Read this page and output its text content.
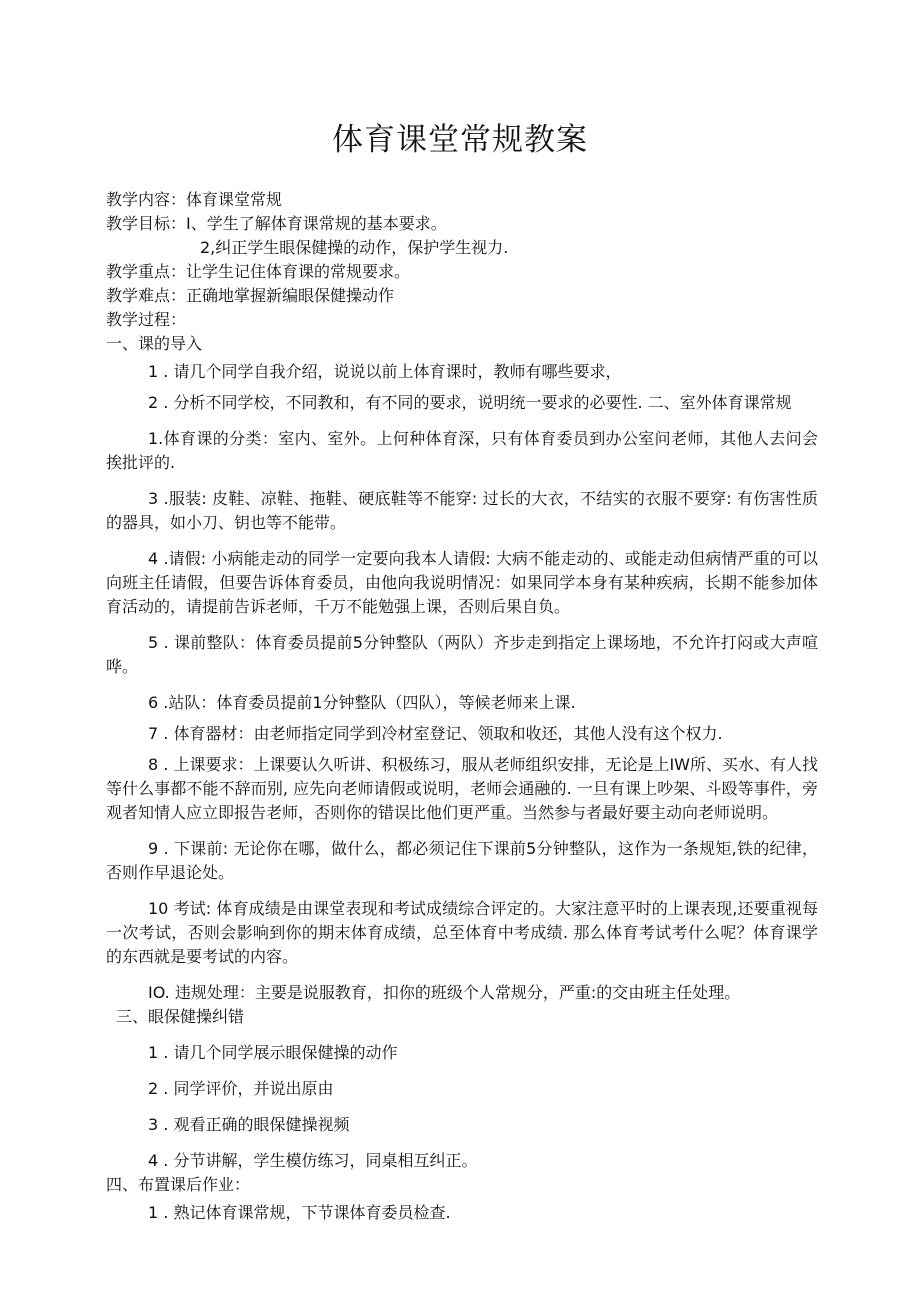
体育课堂常规教案

教学内容：体育课堂常规

教学目标：I、学生了解体育课常规的基本要求。

2,纠正学生眼保健操的动作，保护学生视力.

教学重点：让学生记住体育课的常规要求。

教学难点：正确地掌握新编眼保健操动作

教学过程：

一、课的导入

1 . 请几个同学自我介绍，说说以前上体育课时，教师有哪些要求，

2 . 分析不同学校，不同教和，有不同的要求，说明统一要求的必要性. 二、室外体育课常规

1.体育课的分类：室内、室外。上何种体育深，只有体育委员到办公室问老师，其他人去问会挨批评的.

3 .服装: 皮鞋、凉鞋、拖鞋、硬底鞋等不能穿: 过长的大衣，不结实的衣服不要穿: 有伤害性质的器具，如小刀、钥也等不能带。

4 .请假: 小病能走动的同学一定要向我本人请假: 大病不能走动的、或能走动但病情严重的可以向班主任请假，但要告诉体育委员，由他向我说明情况：如果同学本身有某种疾病，长期不能参加体育活动的，请提前告诉老师，千万不能勉强上课，否则后果自负。

5 . 课前整队：体育委员提前5分钟整队（两队）齐步走到指定上课场地，不允许打闷或大声喧哗。

6 .站队：体育委员提前1分钟整队（四队），等候老师来上课.

7 . 体育器材：由老师指定同学到冷材室登记、领取和收还，其他人没有这个权力.

8 . 上课要求：上课要认久听讲、积极练习，服从老师组织安排，无论是上IW所、买水、有人找等什么事都不能不辞而别, 应先向老师请假或说明，老师会通融的. 一旦有课上吵架、斗殴等事件，旁观者知情人应立即报告老师，否则你的错误比他们更严重。当然参与者最好要主动向老师说明。

9 . 下课前: 无论你在哪，做什么，都必须记住下课前5分钟整队，这作为一条规矩,铁的纪律，否则作早退论处。

10 考试: 体育成绩是由课堂表现和考试成绩综合评定的。大家注意平时的上课表现,还要重视每一次考试，否则会影响到你的期末体育成绩，总至体育中考成绩. 那么体育考试考什么呢？体育课学的东西就是要考试的内容。

IO. 违规处理：主要是说服教育，扣你的班级个人常规分，严重:的交由班主任处理。

三、眼保健操纠错

1 . 请几个同学展示眼保健操的动作

2 . 同学评价，并说出原由

3 . 观看正确的眼保健操视频

4 . 分节讲解，学生模仿练习，同桌相互纠正。

四、布置课后作业：

1 . 熟记体育课常规，下节课体育委员检查.
